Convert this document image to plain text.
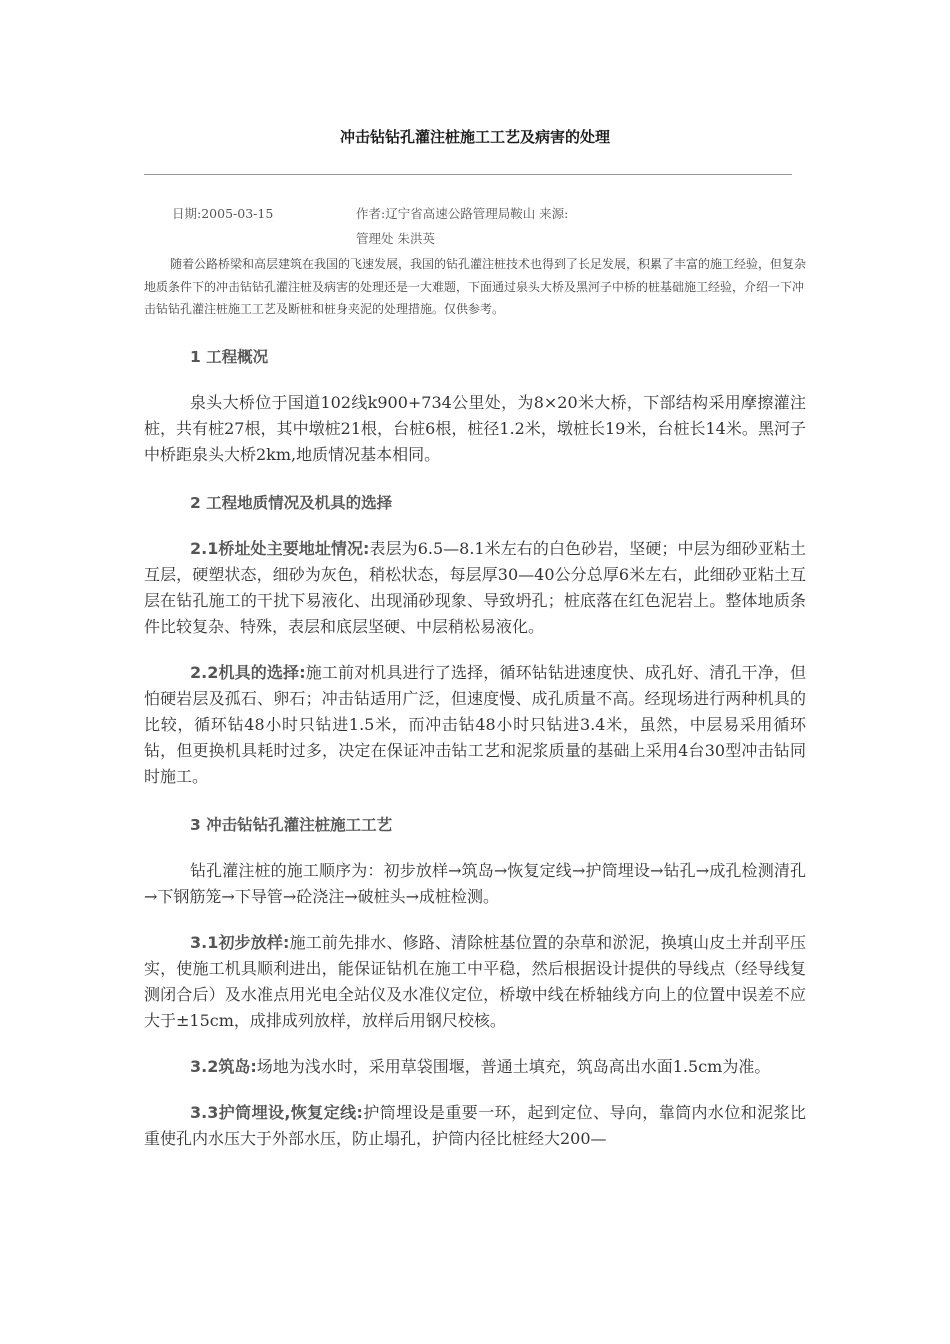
冲击钻钻孔灌注桩施工工艺及病害的处理
日期:2005-03-15	作者:辽宁省高速公路管理局鞍山 来源:
管理处 朱洪英

随着公路桥梁和高层建筑在我国的飞速发展，我国的钻孔灌注桩技术也得到了长足发展，积累了丰富的施工经验，但复杂地质条件下的冲击钻钻孔灌注桩及病害的处理还是一大难题，下面通过泉头大桥及黑河子中桥的桩基础施工经验，介绍一下冲击钻钻孔灌注桩施工工艺及断桩和桩身夹泥的处理措施。仅供参考。

1 工程概况

泉头大桥位于国道102线k900+734公里处，为8×20米大桥，下部结构采用摩擦灌注桩，共有桩27根，其中墩桩21根，台桩6根，桩径1.2米，墩桩长19米，台桩长14米。黑河子中桥距泉头大桥2km,地质情况基本相同。

2 工程地质情况及机具的选择

2.1桥址处主要地址情况:表层为6.5—8.1米左右的白色砂岩，坚硬；中层为细砂亚粘土互层，硬塑状态，细砂为灰色，稍松状态，每层厚30—40公分总厚6米左右，此细砂亚粘土互层在钻孔施工的干扰下易液化、出现涌砂现象、导致坍孔；桩底落在红色泥岩上。整体地质条件比较复杂、特殊，表层和底层坚硬、中层稍松易液化。

2.2机具的选择:施工前对机具进行了选择，循环钻钻进速度快、成孔好、清孔干净，但怕硬岩层及孤石、卵石；冲击钻适用广泛，但速度慢、成孔质量不高。经现场进行两种机具的比较，循环钻48小时只钻进1.5米，而冲击钻48小时只钻进3.4米，虽然，中层易采用循环钻，但更换机具耗时过多，决定在保证冲击钻工艺和泥浆质量的基础上采用4台30型冲击钻同时施工。

3 冲击钻钻孔灌注桩施工工艺

钻孔灌注桩的施工顺序为：初步放样→筑岛→恢复定线→护筒埋设→钻孔→成孔检测清孔→下钢筋笼→下导管→砼浇注→破桩头→成桩检测。

3.1初步放样:施工前先排水、修路、清除桩基位置的杂草和淤泥，换填山皮土并刮平压实，使施工机具顺利进出，能保证钻机在施工中平稳，然后根据设计提供的导线点（经导线复测闭合后）及水准点用光电全站仪及水准仪定位，桥墩中线在桥轴线方向上的位置中误差不应大于±15cm，成排成列放样，放样后用钢尺校核。

3.2筑岛:场地为浅水时，采用草袋围堰，普通土填充，筑岛高出水面1.5cm为准。

3.3护筒埋设,恢复定线:护筒埋设是重要一环，起到定位、导向，靠筒内水位和泥浆比重使孔内水压大于外部水压，防止塌孔，护筒内径比桩经大200—
